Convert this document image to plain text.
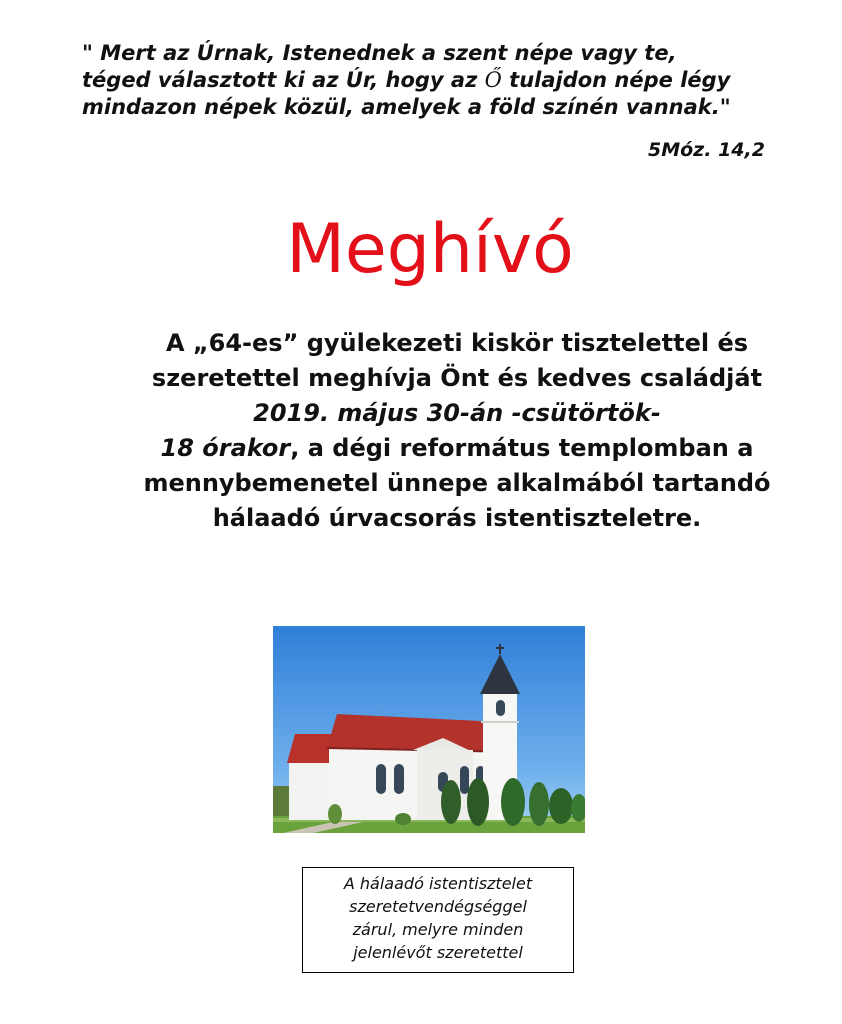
" Mert az Úrnak, Istenednek a szent népe vagy te,
téged választott ki az Úr, hogy az Ő tulajdon népe légy
mindazon népek közül, amelyek a föld színén vannak."
5Móz. 14,2
Meghívó
A „64-es” gyülekezeti kiskör tisztelettel és
szeretettel meghívja Önt és kedves családját
2019. május 30-án -csütörtök-
18 órakor, a dégi református templomban a
mennybemenetel ünnepe alkalmából tartandó
hálaadó úrvacsorás istentiszteletre.
A hálaadó istentisztelet
szeretetvendégséggel
zárul, melyre minden
jelenlévőt szeretettel
